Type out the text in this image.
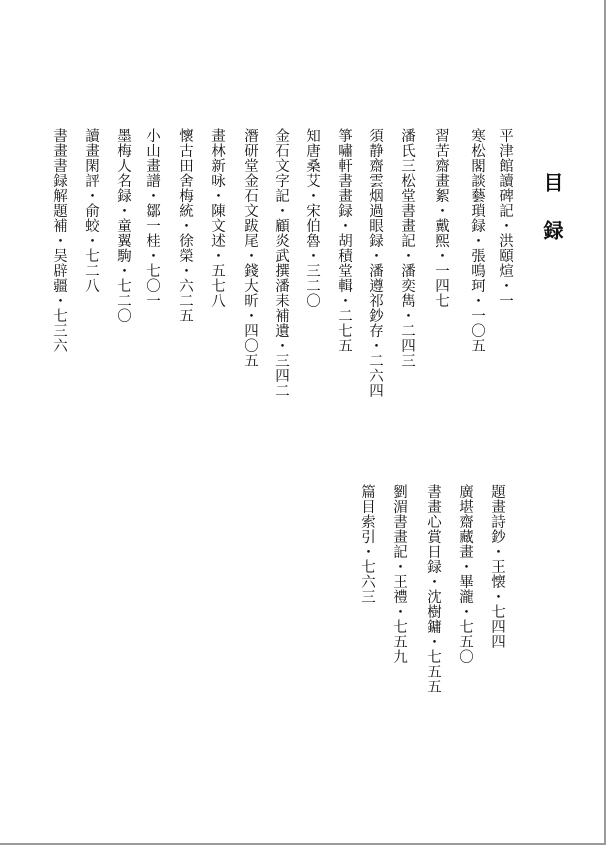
目録
平津館讀碑記・洪頤煊・一
寒松閣談藝瑣録・張鳴珂・一〇五
習苦齋畫絮・戴熙・一四七
潘氏三松堂書畫記・潘奕雋・二四三
須静齋雲烟過眼録・潘遵祁鈔存・二六四
箏嘯軒書畫録・胡積堂輯・二七五
知唐桑艾・宋伯魯・三二〇
金石文字記・顧炎武撰潘耒補遺・三四二
潛研堂金石文跋尾・錢大昕・四〇五
畫林新咏・陳文述・五七八
懷古田舍梅統・徐榮・六二五
小山畫譜・鄒一桂・七〇一
墨梅人名録・童翼駒・七二〇
讀畫閑評・俞蛟・七二八
書畫書録解題補・吴辟疆・七三六
題畫詩鈔・王懐・七四四
廣堪齋藏畫・畢瀧・七五〇
書畫心賞日録・沈樹鏞・七五五
劉湄書畫記・王禮・七五九
篇目索引・七六三
